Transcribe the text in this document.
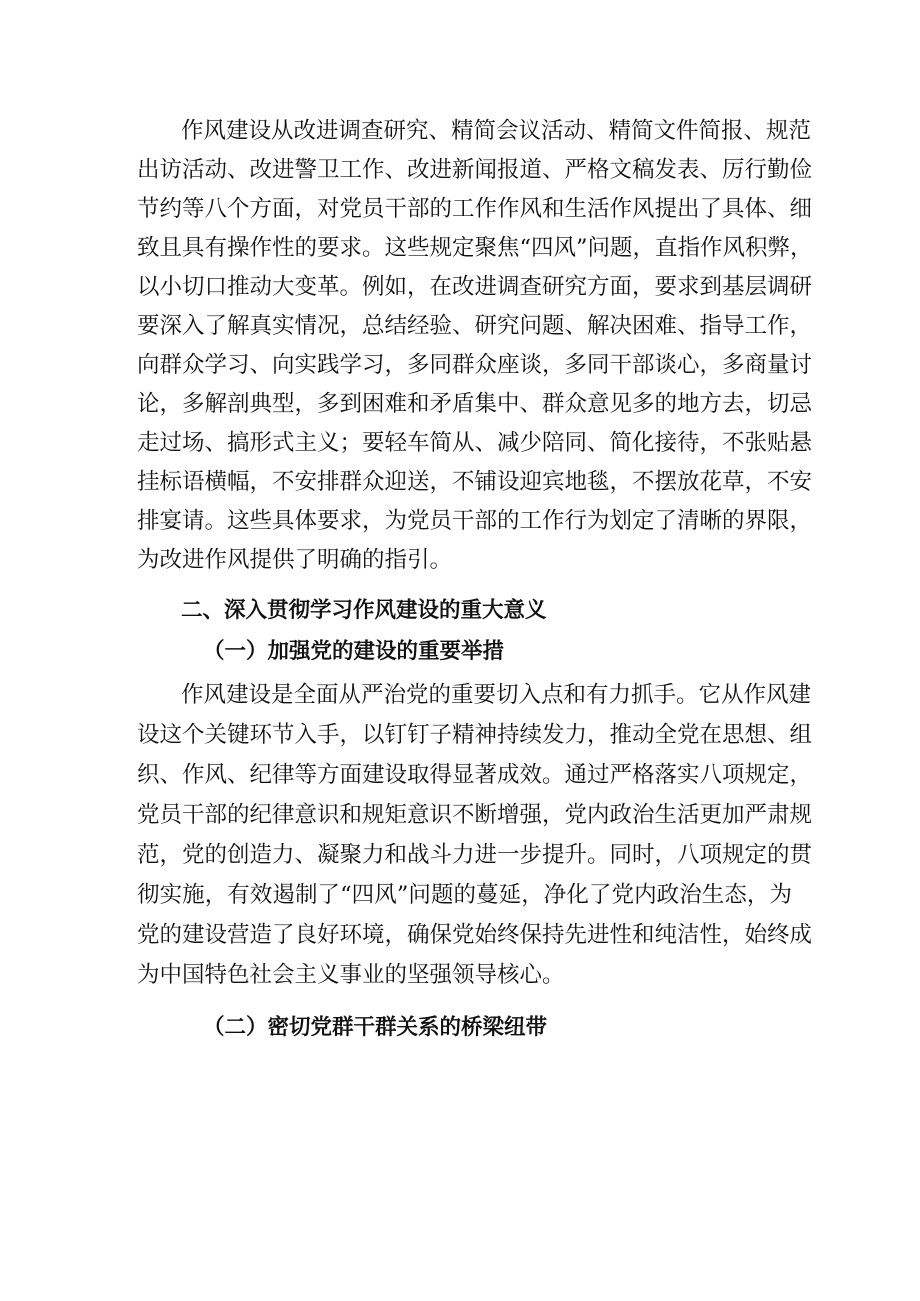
作风建设从改进调查研究、精简会议活动、精简文件简报、规范
出访活动、改进警卫工作、改进新闻报道、严格文稿发表、厉行勤俭
节约等八个方面，对党员干部的工作作风和生活作风提出了具体、细
致且具有操作性的要求。这些规定聚焦“四风”问题，直指作风积弊，
以小切口推动大变革。例如，在改进调查研究方面，要求到基层调研
要深入了解真实情况，总结经验、研究问题、解决困难、指导工作，
向群众学习、向实践学习，多同群众座谈，多同干部谈心，多商量讨
论，多解剖典型，多到困难和矛盾集中、群众意见多的地方去，切忌
走过场、搞形式主义；要轻车简从、减少陪同、简化接待，不张贴悬
挂标语横幅，不安排群众迎送，不铺设迎宾地毯，不摆放花草，不安
排宴请。这些具体要求，为党员干部的工作行为划定了清晰的界限，
为改进作风提供了明确的指引。
二、深入贯彻学习作风建设的重大意义
（一）加强党的建设的重要举措
作风建设是全面从严治党的重要切入点和有力抓手。它从作风建
设这个关键环节入手，以钉钉子精神持续发力，推动全党在思想、组
织、作风、纪律等方面建设取得显著成效。通过严格落实八项规定，
党员干部的纪律意识和规矩意识不断增强，党内政治生活更加严肃规
范，党的创造力、凝聚力和战斗力进一步提升。同时，八项规定的贯
彻实施，有效遏制了“四风”问题的蔓延，净化了党内政治生态，为
党的建设营造了良好环境，确保党始终保持先进性和纯洁性，始终成
为中国特色社会主义事业的坚强领导核心。
（二）密切党群干群关系的桥梁纽带
